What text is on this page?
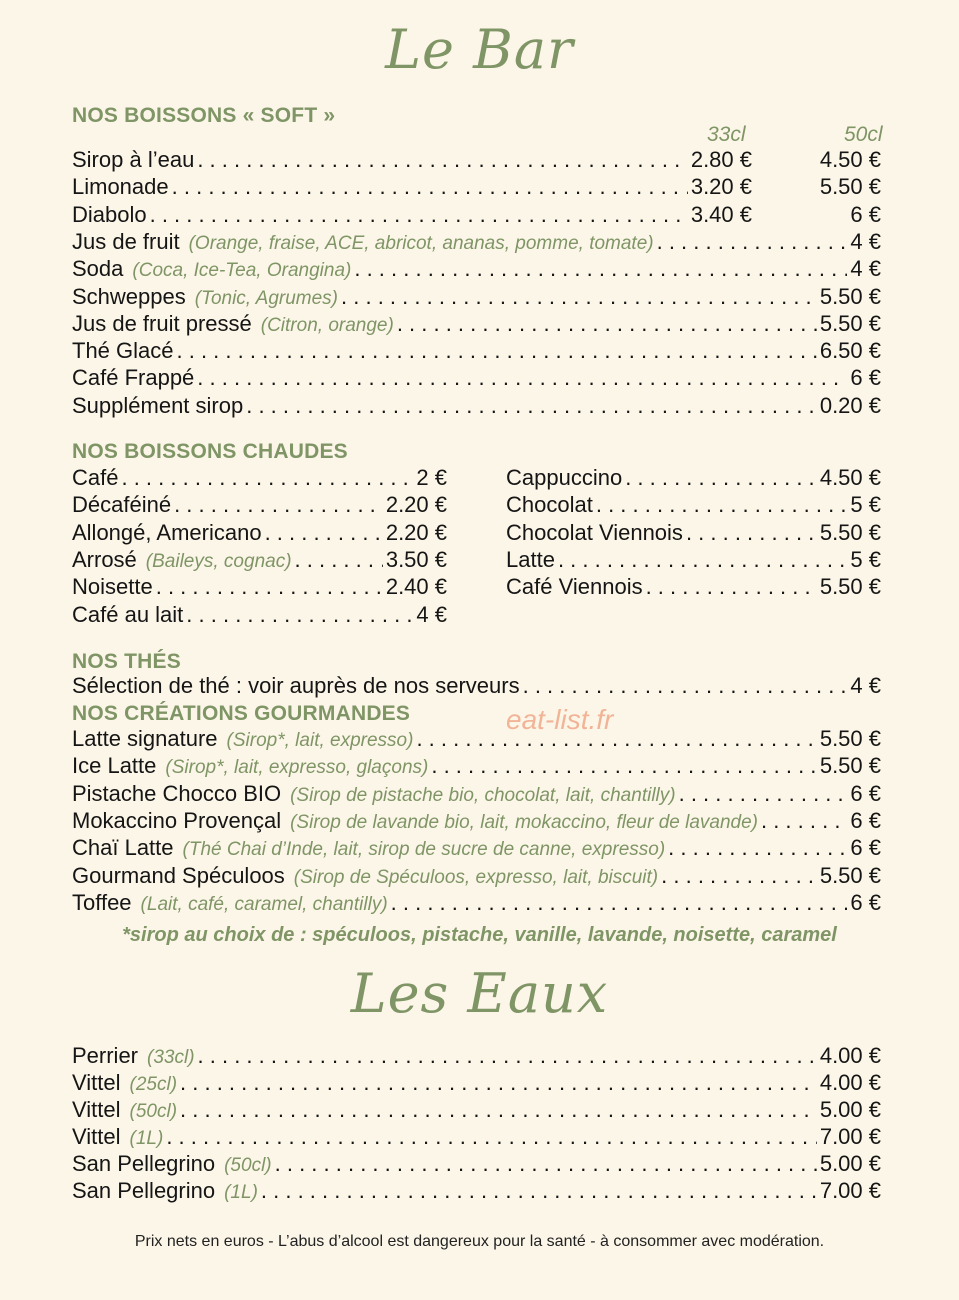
Le Bar
NOS BOISSONS « SOFT »
33cl	50cl
Sirop à l’eau . . .	2.80 €	4.50 €
Limonade . . .	3.20 €	5.50 €
Diabolo . . .	3.40 €	6 €
Jus de fruit (Orange, fraise, ACE, abricot, ananas, pomme, tomate) . . .	4 €
Soda (Coca, Ice-Tea, Orangina) . . .	4 €
Schweppes (Tonic, Agrumes) . . .	5.50 €
Jus de fruit pressé (Citron, orange) . . .	5.50 €
Thé Glacé . . .	6.50 €
Café Frappé . . .	6 €
Supplément sirop . . .	0.20 €
NOS BOISSONS CHAUDES
Café . . .	2 €
Décaféiné . . .	2.20 €
Allongé, Americano . . .	2.20 €
Arrosé (Baileys, cognac) . . .	3.50 €
Noisette . . .	2.40 €
Café au lait . . .	4 €
Cappuccino . . .	4.50 €
Chocolat . . .	5 €
Chocolat Viennois . . .	5.50 €
Latte . . .	5 €
Café Viennois . . .	5.50 €
NOS THÉS
Sélection de thé : voir auprès de nos serveurs . . .	4 €
NOS CRÉATIONS GOURMANDES	eat-list.fr
Latte signature (Sirop*, lait, expresso) . . .	5.50 €
Ice Latte (Sirop*, lait, expresso, glaçons) . . .	5.50 €
Pistache Chocco BIO (Sirop de pistache bio, chocolat, lait, chantilly) . . .	6 €
Mokaccino Provençal (Sirop de lavande bio, lait, mokaccino, fleur de lavande) . . .	6 €
Chaï Latte (Thé Chai d’Inde, lait, sirop de sucre de canne, expresso) . . .	6 €
Gourmand Spéculoos (Sirop de Spéculoos, expresso, lait, biscuit) . . .	5.50 €
Toffee (Lait, café, caramel, chantilly) . . .	6 €
*sirop au choix de : spéculoos, pistache, vanille, lavande, noisette, caramel
Les Eaux
Perrier (33cl) . . .	4.00 €
Vittel (25cl) . . .	4.00 €
Vittel (50cl) . . .	5.00 €
Vittel (1L) . . .	7.00 €
San Pellegrino (50cl) . . .	5.00 €
San Pellegrino (1L) . . .	7.00 €
Prix nets en euros - L’abus d’alcool est dangereux pour la santé - à consommer avec modération.
